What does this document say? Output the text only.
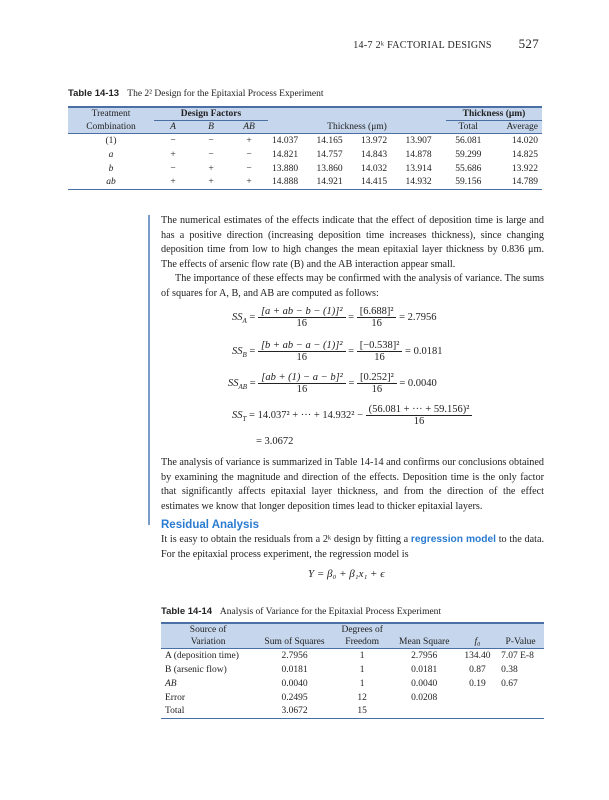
14-7 2ᵏ FACTORIAL DESIGNS 527
Table 14-13 The 2² Design for the Epitaxial Process Experiment
Treatment	Design Factors							Thickness (μm)	
Combination	A	B	AB		Thickness (μm)			Total	Average
(1)	−	−	+	14.037	14.165	13.972	13.907	56.081	14.020
a	+	−	−	14.821	14.757	14.843	14.878	59.299	14.825
b	−	+	−	13.880	13.860	14.032	13.914	55.686	13.922
ab	+	+	+	14.888	14.921	14.415	14.932	59.156	14.789
The numerical estimates of the effects indicate that the effect of deposition time is large and has a positive direction (increasing deposition time increases thickness), since changing deposition time from low to high changes the mean epitaxial layer thickness by 0.836 μm. The effects of arsenic flow rate (B) and the AB interaction appear small.
The importance of these effects may be confirmed with the analysis of variance. The sums of squares for A, B, and AB are computed as follows:
$SS_A = \frac{\text{[a + ab − b − (1)]²}}{16} = \frac{\text{[6.688]²}}{16} = 2.7956$
$SS_B = \frac{\text{[b + ab − a − (1)]²}}{16} = \frac{\text{[−0.538]²}}{16} = 0.0181$
$SS_{AB} = \frac{\text{[ab + (1) − a − b]²}}{16} = \frac{\text{[0.252]²}}{16} = 0.0040$
$SS_T = 14.037^2$ + ··· + $14.932^2 - \frac{\text{(56.081 + ··· + 59.156)²}}{16}$
= 3.0672
The analysis of variance is summarized in Table 14-14 and confirms our conclusions obtained by examining the magnitude and direction of the effects. Deposition time is the only factor that significantly affects epitaxial layer thickness, and from the direction of the effect estimates we know that longer deposition times lead to thicker epitaxial layers.
Residual Analysis
It is easy to obtain the residuals from a 2ᵏ design by fitting a regression model to the data. For the epitaxial process experiment, the regression model is
Y = β₀ + β₁x₁ + ϵ
Table 14-14 Analysis of Variance for the Epitaxial Process Experiment
Source of		Degrees of			
Variation	Sum of Squares	Freedom	Mean Square	f₀	P-Value
A (deposition time)	2.7956	1	2.7956	134.40	7.07 E-8
B (arsenic flow)	0.0181	1	0.0181	0.87	0.38
AB	0.0040	1	0.0040	0.19	0.67
Error	0.2495	12	0.0208		
Total	3.0672	15			
